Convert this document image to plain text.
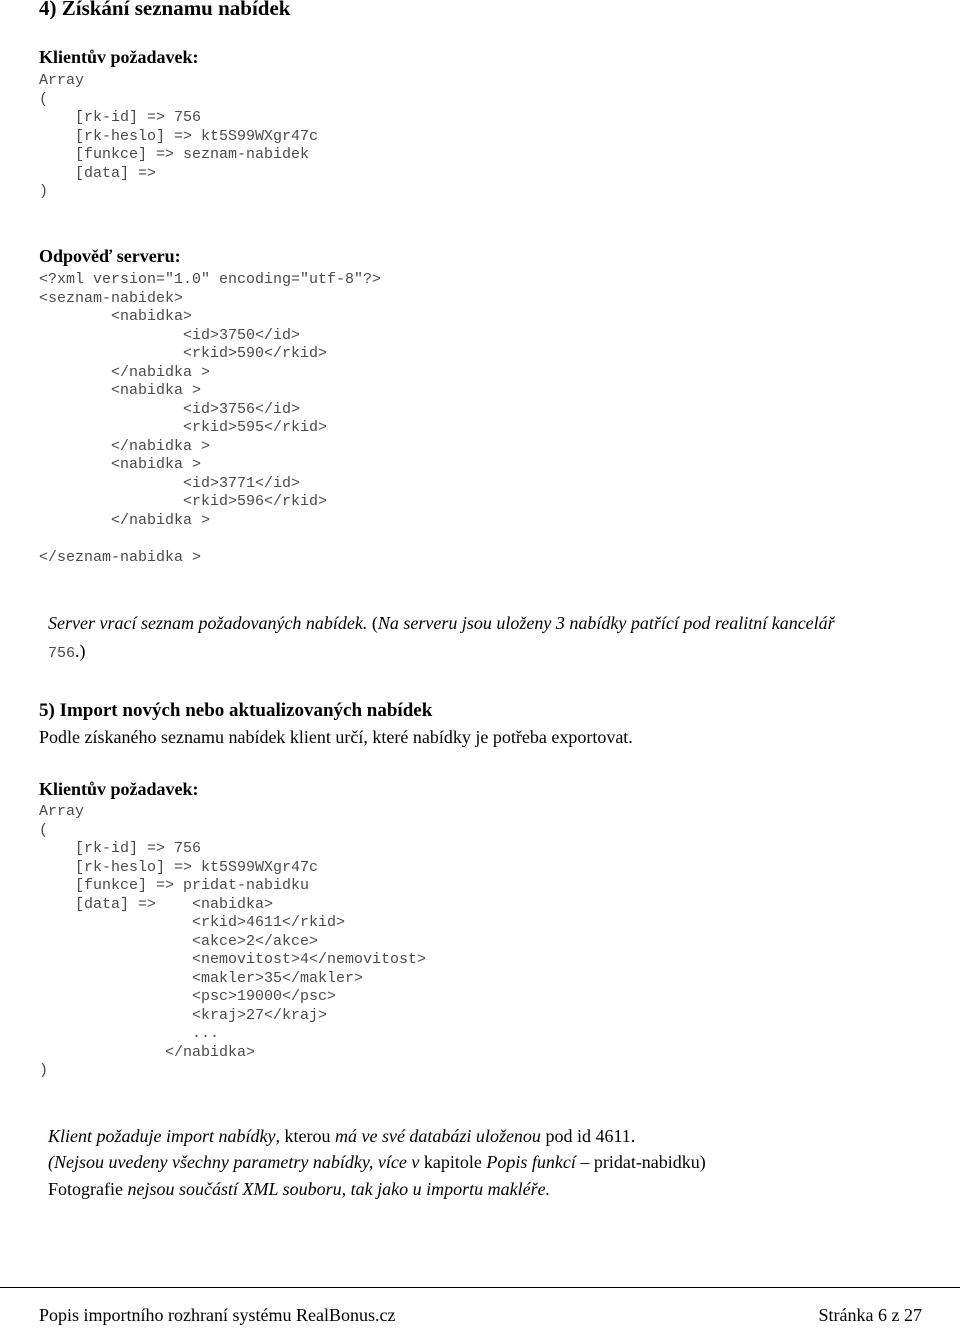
4) Získání seznamu nabídek
Klientův požadavek:
Array
(
[rk-id] => 756
[rk-heslo] => kt5S99WXgr47c
[funkce] => seznam-nabidek
[data] =>
)
Odpověď serveru:
<?xml version="1.0" encoding="utf-8"?>
<seznam-nabidek>
<nabidka>
<id>3750</id>
<rkid>590</rkid>
</nabidka >
<nabidka >
<id>3756</id>
<rkid>595</rkid>
</nabidka >
<nabidka >
<id>3771</id>
<rkid>596</rkid>
</nabidka >

</seznam-nabidka >

Server vrací seznam požadovaných nabídek. (Na serveru jsou uloženy 3 nabídky patřící pod realitní kancelář

756.)

5) Import nových nebo aktualizovaných nabídek
Podle získaného seznamu nabídek klient určí, které nabídky je potřeba exportovat.
Klientův požadavek:
Array
(
[rk-id] => 756
[rk-heslo] => kt5S99WXgr47c
[funkce] => pridat-nabidku
[data] =>    <nabidka>
<rkid>4611</rkid>
<akce>2</akce>
<nemovitost>4</nemovitost>
<makler>35</makler>
<psc>19000</psc>
<kraj>27</kraj>
...
</nabidka>
)

Klient požaduje import nabídky, kterou má ve své databázi uloženou pod id 4611.

(Nejsou uvedeny všechny parametry nabídky, více v kapitole Popis funkcí – pridat-nabidku)

Fotografie nejsou součástí XML souboru, tak jako u importu makléře.

Popis importního rozhraní systému RealBonus.cz	Stránka 6 z 27
